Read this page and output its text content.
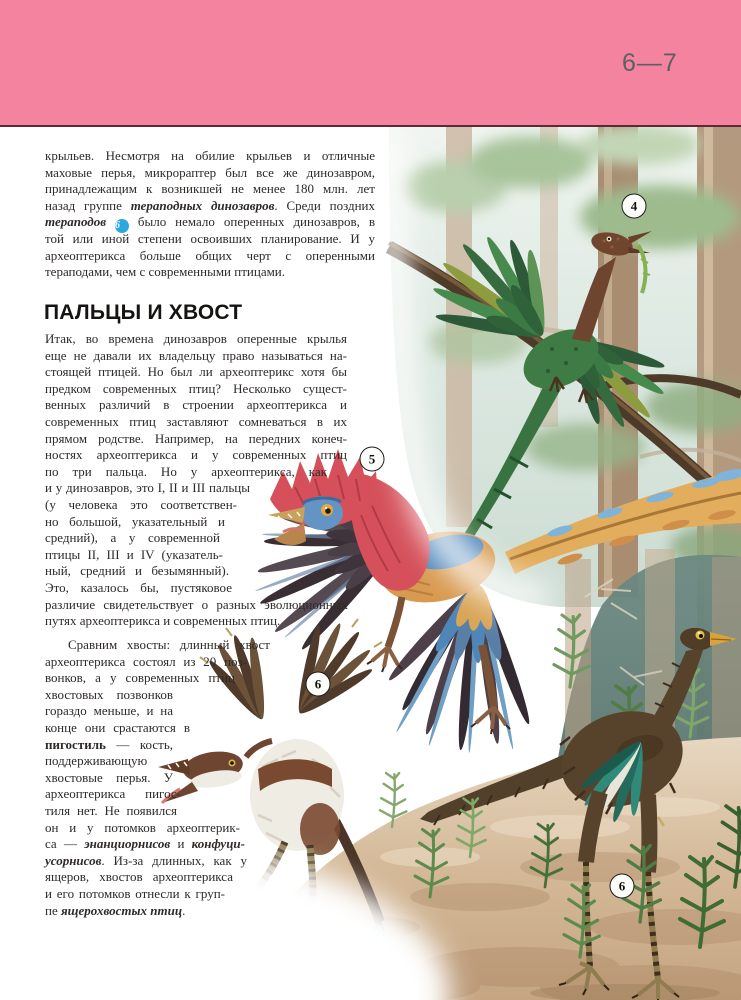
6—7
ПАЛЬЦЫ И ХВОСТ
крыльев. Несмотря на обилие крыльев и отличные
маховые перья, микрораптер был все же динозавром,
принадлежащим к возникшей не менее 180 млн. лет
назад группе тераподных динозавров. Среди поздних
тераподов 6 было немало оперенных динозавров, в
той или иной степени освоивших планирование. И у
археоптерикса больше общих черт с оперенными
тераподами, чем с современными птицами.
Итак, во времена динозавров оперенные крылья
еще не давали их владельцу право называться на-
стоящей птицей. Но был ли археоптерикс хотя бы
предком современных птиц? Несколько сущест-
венных различий в строении археоптерикса и
современных птиц заставляют сомневаться в их
прямом родстве. Например, на передних конеч-
ностях археоптерикса и у современных птиц
по три пальца. Но у археоптерикса, как
и у динозавров, это I, II и III пальцы
(у человека это соответствен-
но большой, указательный и
средний), а у современной
птицы II, III и IV (указатель-
ный, средний и безымянный).
Это, казалось бы, пустяковое
различие свидетельствует о разных эволюционных
путях археоптерикса и современных птиц.
Сравним хвосты: длинный хвост
археоптерикса состоял из 20 поз-
вонков, а у современных птиц
хвостовых позвонков
гораздо меньше, и на
конце они срастаются в
пигостиль — кость,
поддерживающую
хвостовые перья. У
археоптерикса пигос-
тиля нет. Не появился
он и у потомков археоптерик-
са — энанциорнисов и конфуци-
усорнисов. Из-за длинных, как у
ящеров, хвостов археоптерикса
и его потомков отнесли к груп-
пе ящерохвостых птиц.
4
5
6
6
